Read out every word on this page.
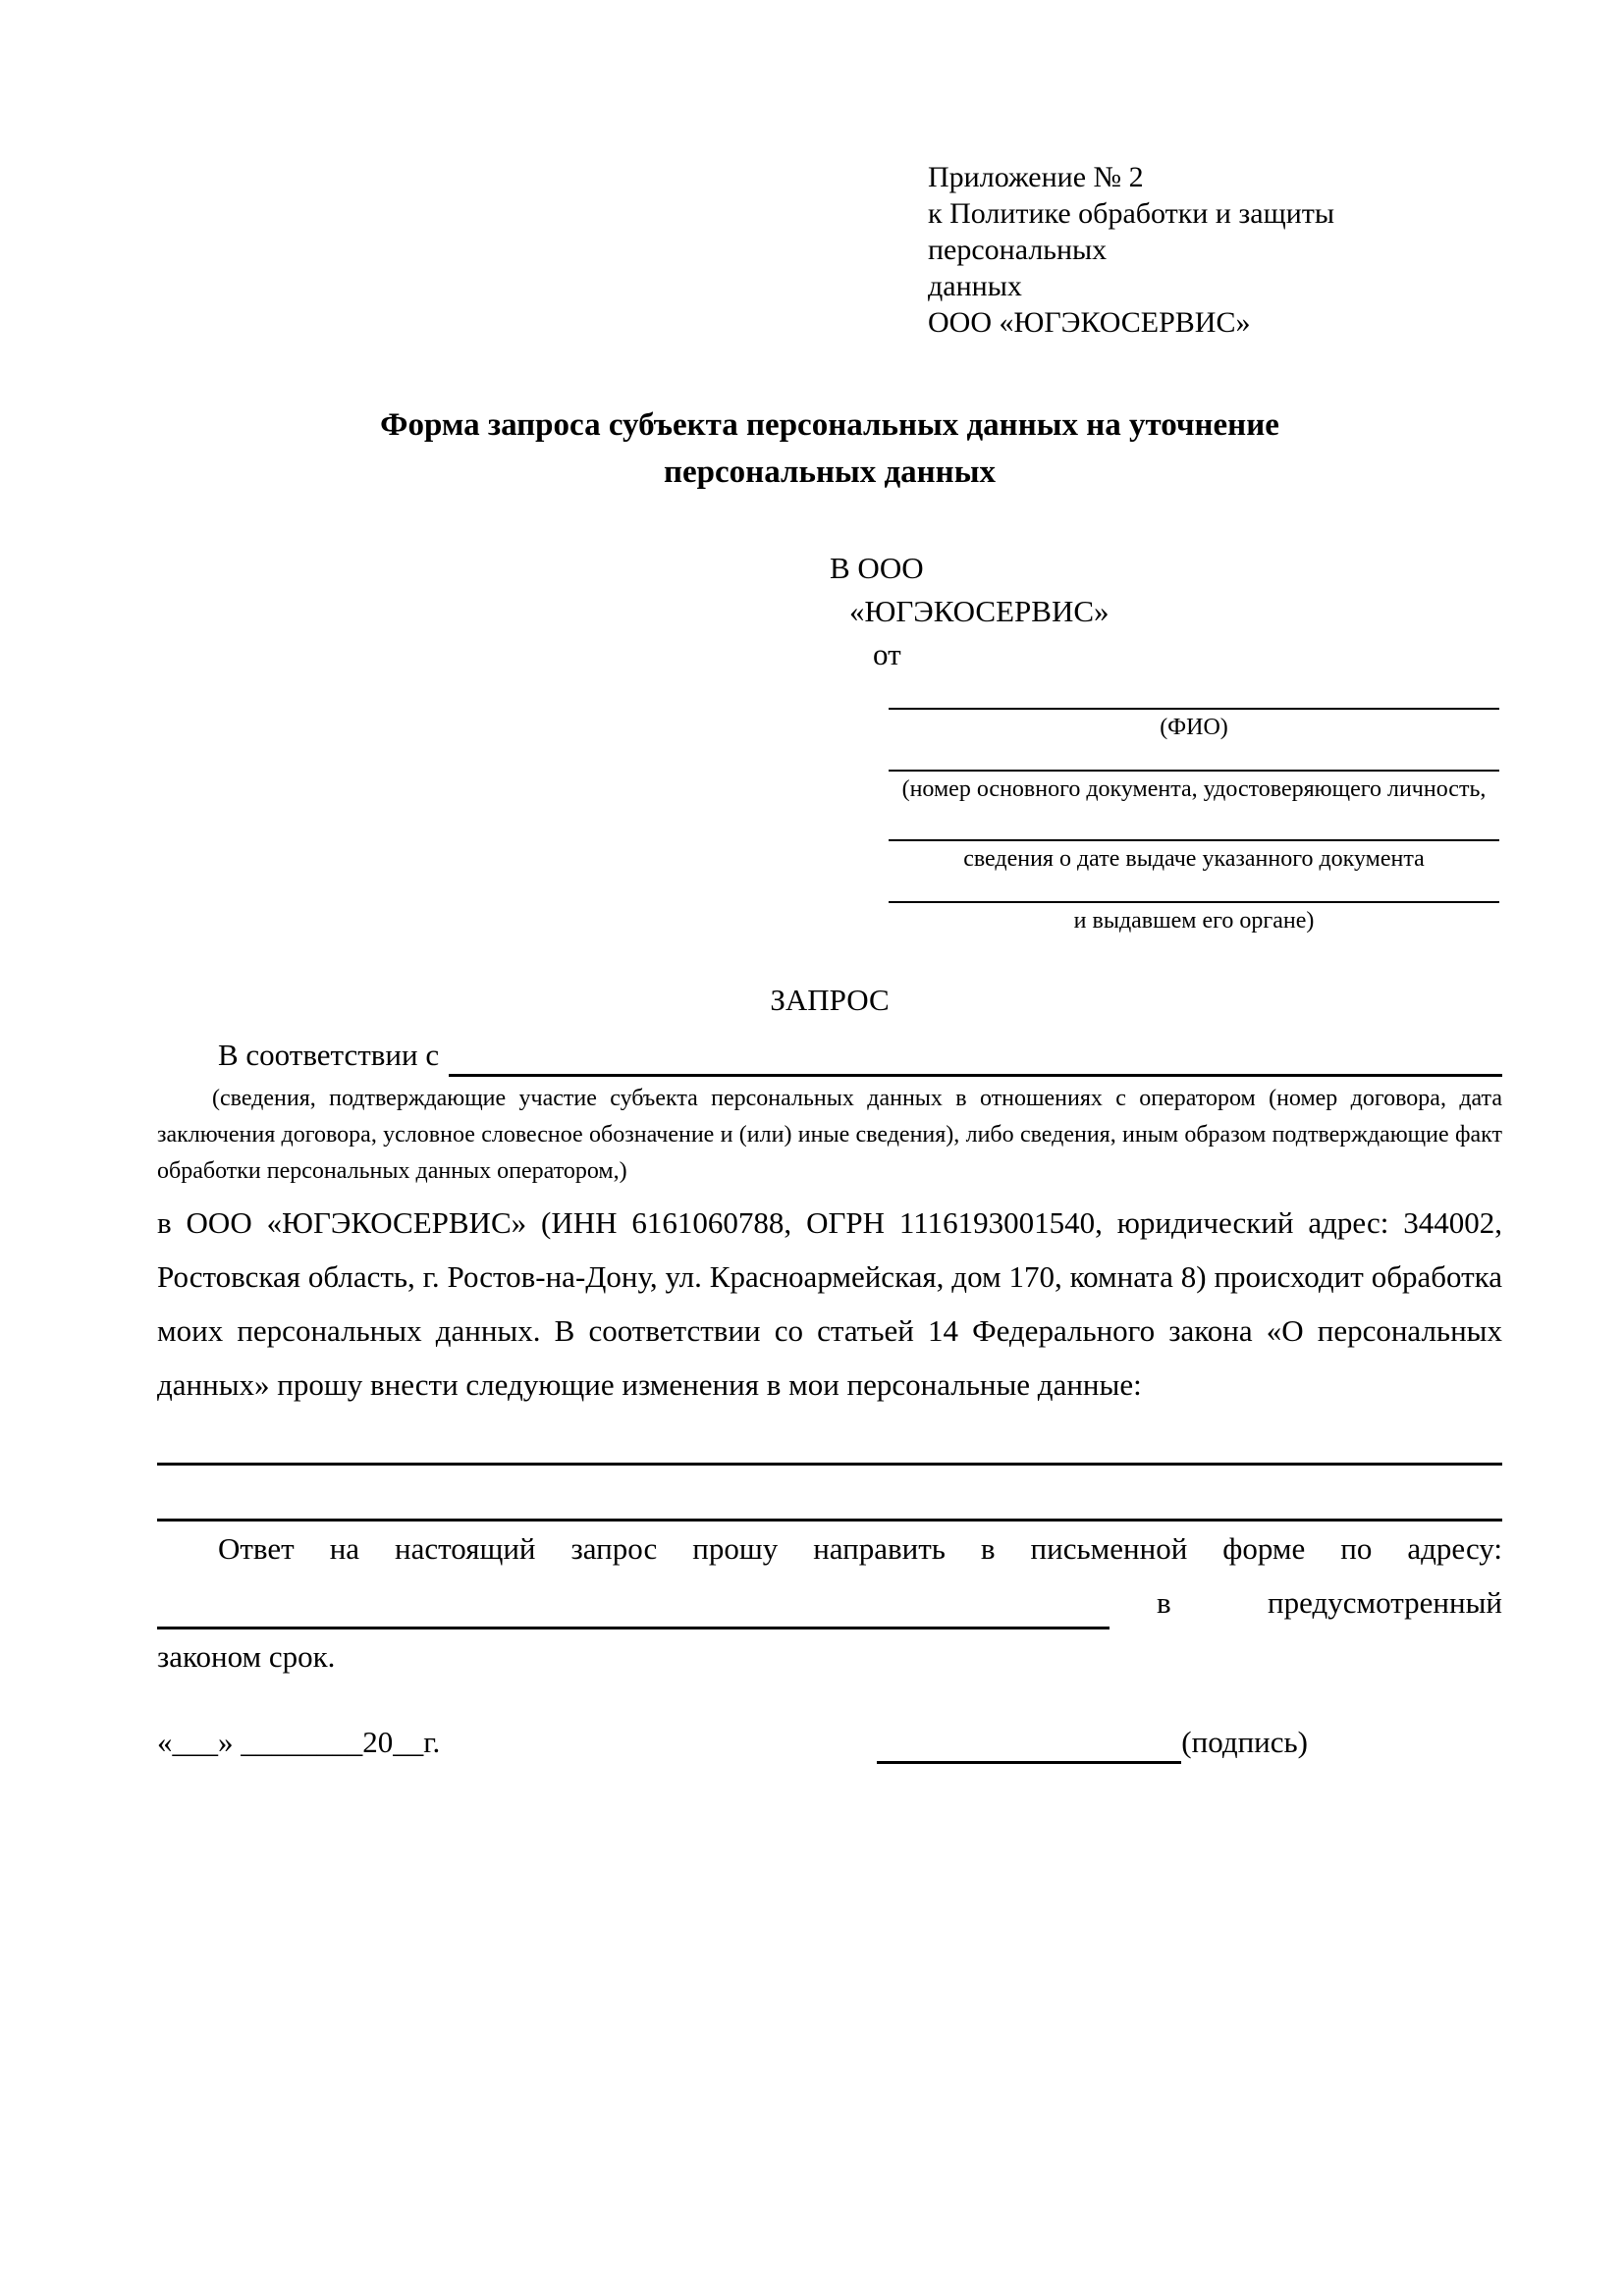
Приложение № 2
к Политике обработки и защиты персональных
данных
ООО «ЮГЭКОСЕРВИС»
Форма запроса субъекта персональных данных на уточнение
персональных данных
В ООО
«ЮГЭКОСЕРВИС»
от
(ФИО)
(номер основного документа, удостоверяющего личность,
сведения о дате выдаче указанного документа
и выдавшем его органе)
ЗАПРОС
В соответствии с
(сведения, подтверждающие участие субъекта персональных данных в отношениях с оператором (номер договора, дата заключения договора, условное словесное обозначение и (или) иные сведения), либо сведения, иным образом подтверждающие факт обработки персональных данных оператором,)
в ООО «ЮГЭКОСЕРВИС» (ИНН 6161060788, ОГРН 1116193001540, юридический адрес: 344002, Ростовская область, г. Ростов-на-Дону, ул. Красноармейская, дом 170, комната 8) происходит обработка моих персональных данных. В соответствии со статьей 14 Федерального закона «О персональных данных» прошу внести следующие изменения в мои персональные данные:
Ответ на настоящий запрос прошу направить в письменной форме по адресу:
в	предусмотренный
законом срок.
«___» ________20__г.	(подпись)
